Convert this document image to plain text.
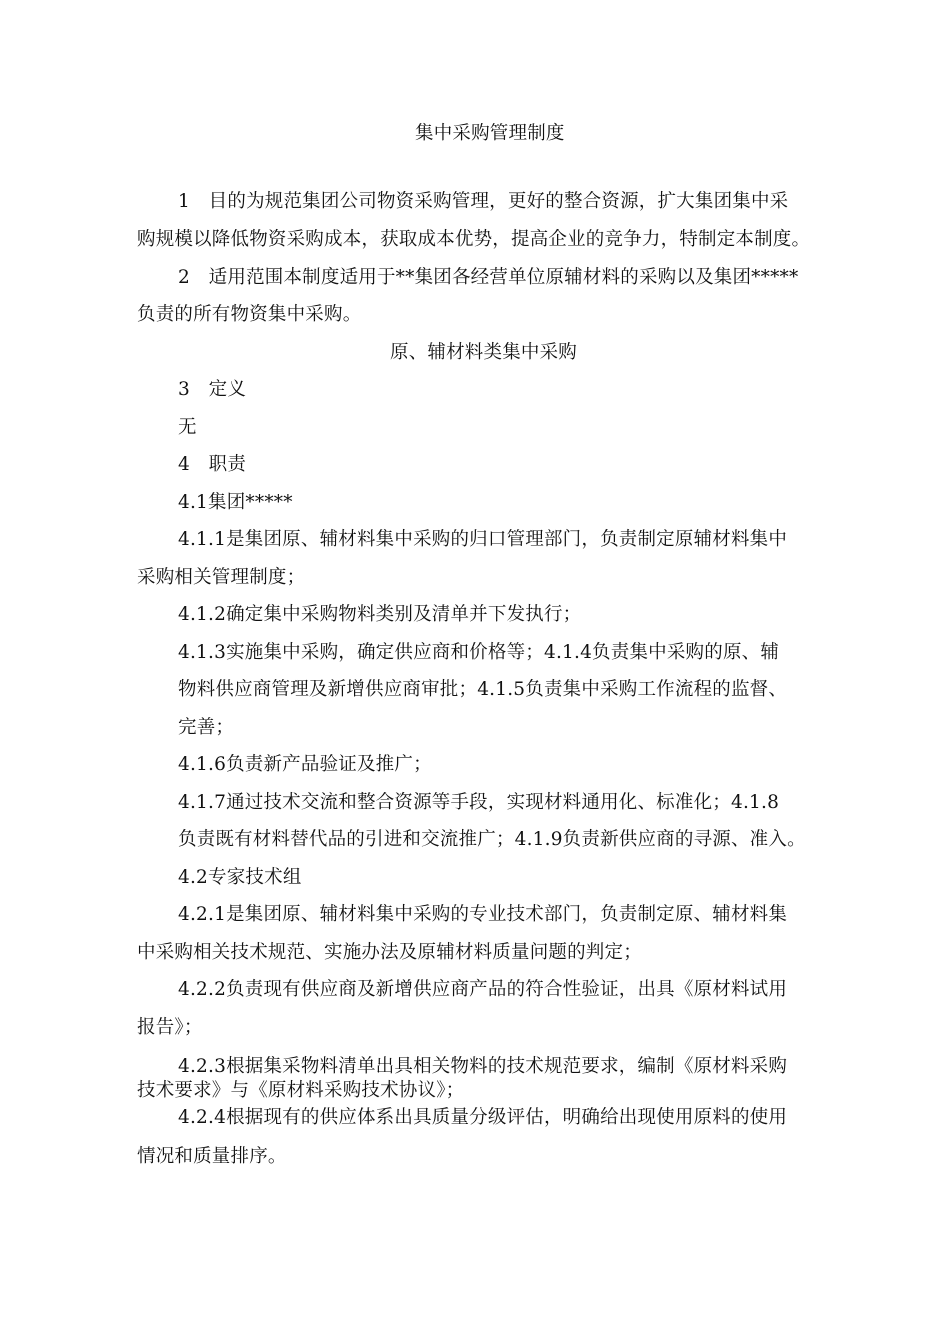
集中采购管理制度
1　目的为规范集团公司物资采购管理，更好的整合资源，扩大集团集中采
购规模以降低物资采购成本，获取成本优势，提高企业的竞争力，特制定本制度。
2　适用范围本制度适用于**集团各经营单位原辅材料的采购以及集团*****
负责的所有物资集中采购。
原、辅材料类集中采购
3　定义
无
4　职责
4.1集团*****
4.1.1是集团原、辅材料集中采购的归口管理部门，负责制定原辅材料集中
采购相关管理制度；
4.1.2确定集中采购物料类别及清单并下发执行；
4.1.3实施集中采购，确定供应商和价格等；4.1.4负责集中采购的原、辅
物料供应商管理及新增供应商审批；4.1.5负责集中采购工作流程的监督、
完善；
4.1.6负责新产品验证及推广；
4.1.7通过技术交流和整合资源等手段，实现材料通用化、标准化；4.1.8
负责既有材料替代品的引进和交流推广；4.1.9负责新供应商的寻源、准入。
4.2专家技术组
4.2.1是集团原、辅材料集中采购的专业技术部门，负责制定原、辅材料集
中采购相关技术规范、实施办法及原辅材料质量问题的判定；
4.2.2负责现有供应商及新增供应商产品的符合性验证，出具《原材料试用
报告》；
4.2.3根据集采物料清单出具相关物料的技术规范要求，编制《原材料采购
技术要求》与《原材料采购技术协议》；
4.2.4根据现有的供应体系出具质量分级评估，明确给出现使用原料的使用
情况和质量排序。
